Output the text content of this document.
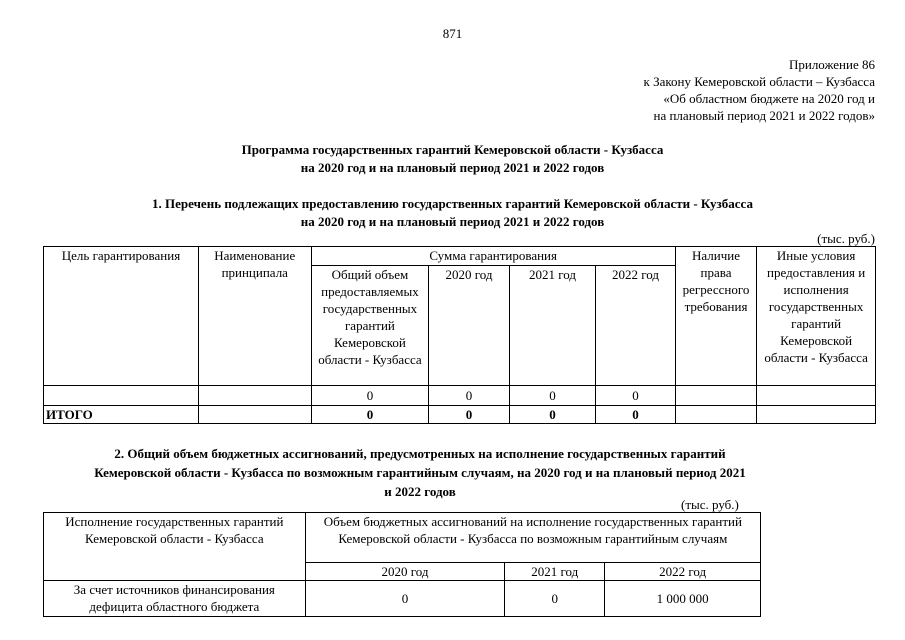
871
Приложение 86
к Закону Кемеровской области – Кузбасса
«Об областном бюджете на 2020 год и
на плановый период 2021 и 2022 годов»
Программа государственных гарантий Кемеровской области - Кузбасса
на 2020 год и на плановый период 2021 и 2022 годов
1. Перечень подлежащих предоставлению государственных гарантий Кемеровской области - Кузбасса
на 2020 год и на плановый период 2021 и 2022 годов
(тыс. руб.)
Цель гарантирования	Наименование принципала	Сумма гарантирования				Наличие права регрессного требования	Иные условия предоставления и исполнения государственных гарантий Кемеровской области - Кузбасса
		Общий объем предоставляемых государственных гарантий Кемеровской области - Кузбасса	2020 год	2021 год	2022 год		
		0	0	0	0		
ИТОГО		0	0	0	0		
2. Общий объем бюджетных ассигнований, предусмотренных на исполнение государственных гарантий
Кемеровской области - Кузбасса по возможным гарантийным случаям, на 2020 год и на плановый период 2021
и 2022 годов
(тыс. руб.)
Исполнение государственных гарантий Кемеровской области - Кузбасса	Объем бюджетных ассигнований на исполнение государственных гарантий Кемеровской области - Кузбасса по возможным гарантийным случаям		
	2020 год	2021 год	2022 год
За счет источников финансирования дефицита областного бюджета	0	0	1 000 000
